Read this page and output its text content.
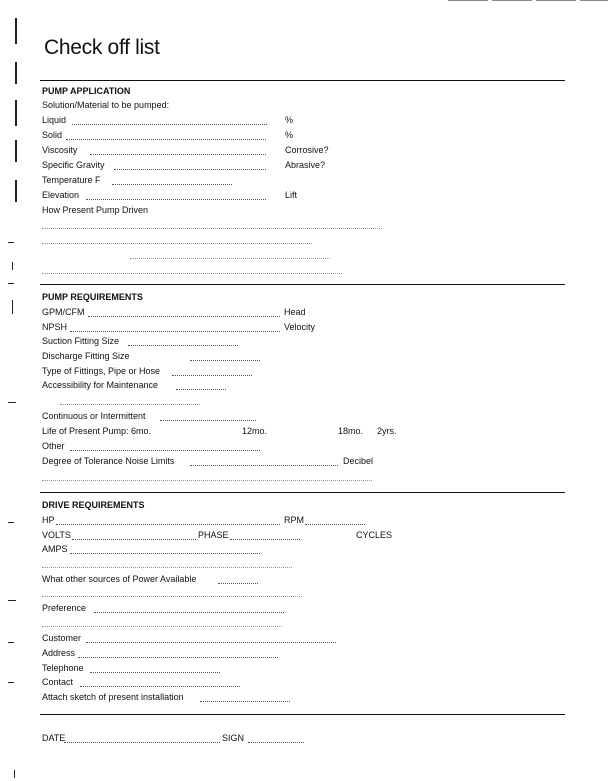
Check off list
PUMP APPLICATION
Solution/Material to be pumped:
Liquid	%
Solid	%
Viscosity	Corrosive?
Specific Gravity	Abrasive?
Temperature F
Elevation	Lift
How Present Pump Driven
PUMP REQUIREMENTS
GPM/CFM	Head
NPSH	Velocity
Suction Fitting Size
Discharge Fitting Size
Type of Fittings, Pipe or Hose
Accessibility for Maintenance
Continuous or Intermittent
Life of Present Pump: 6mo.	12mo.	18mo. 2yrs.
Other
Degree of Tolerance Noise Limits	Decibel
DRIVE REQUIREMENTS
HP	RPM
VOLTS	PHASE	CYCLES
AMPS
What other sources of Power Available
Preference
Customer
Address
Telephone
Contact
Attach sketch of present installation
DATE	SIGN
